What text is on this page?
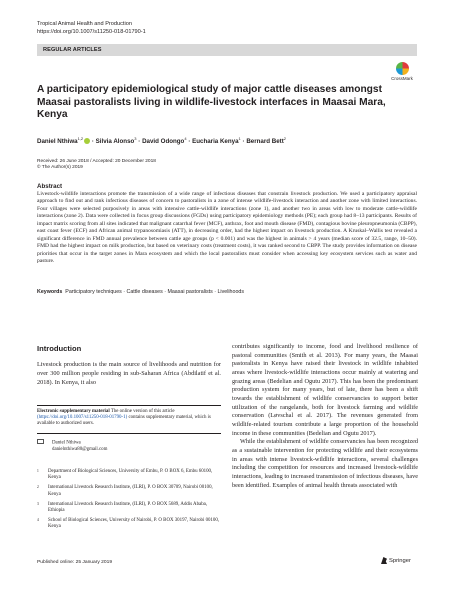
Tropical Animal Health and Production
https://doi.org/10.1007/s11250-018-01790-1
REGULAR ARTICLES
CrossMark
A participatory epidemiological study of major cattle diseases amongst Maasai pastoralists living in wildlife-livestock interfaces in Maasai Mara, Kenya
Daniel Nthiwa$^{1,2}$ · Silvia Alonso$^3$ · David Odongo$^4$ · Eucharia Kenya$^1$ · Bernard Bett$^2$
Received: 26 June 2018 / Accepted: 20 December 2018
© The Author(s) 2019
Abstract
Livestock-wildlife interactions promote the transmission of a wide range of infectious diseases that constrain livestock production. We used a participatory appraisal approach to find out and rank infectious diseases of concern to pastoralists in a zone of intense wildlife-livestock interaction and another zone with limited interactions. Four villages were selected purposively in areas with intensive cattle-wildlife interactions (zone 1), and another two in areas with low to moderate cattle-wildlife interactions (zone 2). Data were collected in focus group discussions (FGDs) using participatory epidemiology methods (PE); each group had 8–13 participants. Results of impact matrix scoring from all sites indicated that malignant catarrhal fever (MCF), anthrax, foot and mouth disease (FMD), contagious bovine pleuropneumonia (CBPP), east coast fever (ECF) and African animal trypanosomiasis (ATT), in decreasing order, had the highest impact on livestock production. A Kruskal–Wallis test revealed a significant difference in FMD annual prevalence between cattle age groups (p < 0.001) and was the highest in animals > 4 years (median score of 32.5, range, 10–50). FMD had the highest impact on milk production, but based on veterinary costs (treatment costs), it was ranked second to CBPP. The study provides information on disease priorities that occur in the target zones in Mara ecosystem and which the local pastoralists must consider when accessing key ecosystem services such as water and pasture.
Keywords Participatory techniques · Cattle diseases · Maasai pastoralists · Livelihoods
Introduction
Livestock production is the main source of livelihoods and nutrition for over 300 million people residing in sub-Saharan Africa (Abdilatif et al. 2018). In Kenya, it also
Electronic supplementary material The online version of this article (https://doi.org/10.1007/s11250-018-01790-1) contains supplementary material, which is available to authorized users.
Daniel Nthiwa
danielnthiwa80@gmail.com
1	Department of Biological Sciences, University of Embu, P. O BOX 6, Embu 60100, Kenya
2	International Livestock Research Institute, (ILRI), P. O BOX 30709, Nairobi 00100, Kenya
3	International Livestock Research Institute, (ILRI), P. O BOX 5689, Addis Ababa, Ethiopia
4	School of Biological Sciences, University of Nairobi, P. O BOX 30197, Nairobi 00100, Kenya
Published online: 25 January 2019

contributes significantly to income, food and livelihood resilience of pastoral communities (Smith et al. 2013). For many years, the Maasai pastoralists in Kenya have raised their livestock in wildlife inhabited areas where livestock-wildlife interactions occur mainly at watering and grazing areas (Bedelian and Ogutu 2017). This has been the predominant production system for many years, but of late, there has been a shift towards the establishment of wildlife conservancies to support better utilization of the rangelands, both for livestock farming and wildlife conservation (Løvschal et al. 2017). The revenues generated from wildlife-related tourism contribute a large proportion of the household income in these communities (Bedelian and Ogutu 2017).

While the establishment of wildlife conservancies has been recognized as a sustainable intervention for protecting wildlife and their ecosystems in areas with intense livestock-wildlife interactions, several challenges including the competition for resources and increased livestock-wildlife interactions, leading to increased transmission of infectious diseases, have been identified. Examples of animal health threats associated with

Springer
